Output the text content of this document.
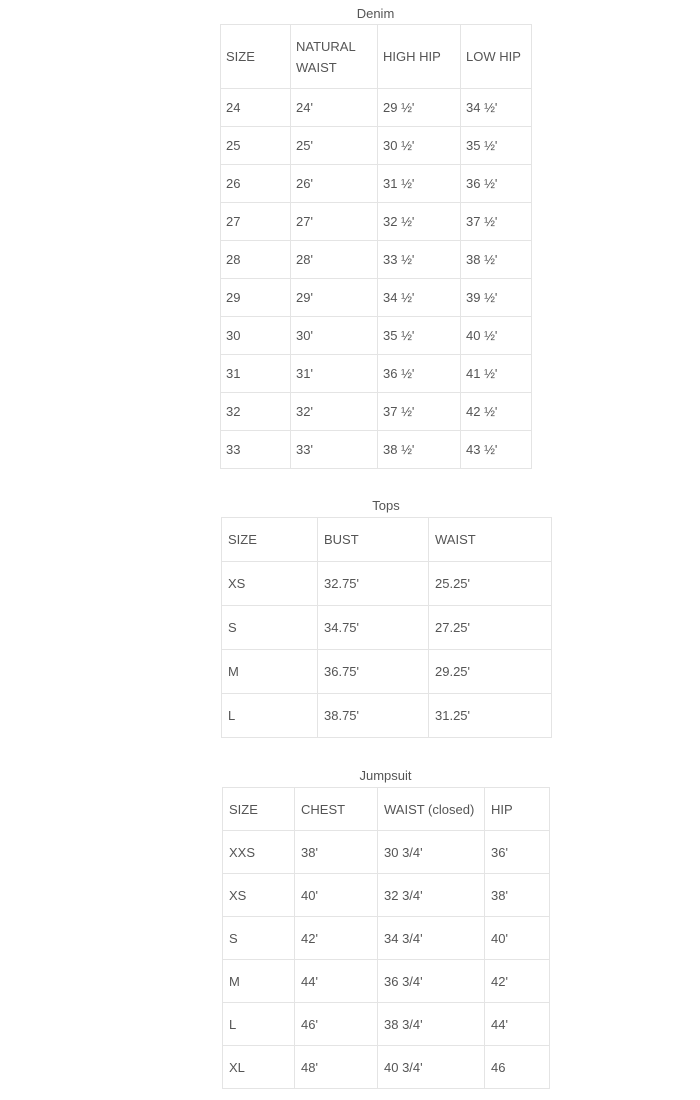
Denim
SIZE	NATURAL WAIST	HIGH HIP	LOW HIP
24	24'	29 ½'	34 ½'
25	25'	30 ½'	35 ½'
26	26'	31 ½'	36 ½'
27	27'	32 ½'	37 ½'
28	28'	33 ½'	38 ½'
29	29'	34 ½'	39 ½'
30	30'	35 ½'	40 ½'
31	31'	36 ½'	41 ½'
32	32'	37 ½'	42 ½'
33	33'	38 ½'	43 ½'
Tops
SIZE	BUST	WAIST
XS	32.75'	25.25'
S	34.75'	27.25'
M	36.75'	29.25'
L	38.75'	31.25'
Jumpsuit
SIZE	CHEST	WAIST (closed)	HIP
XXS	38'	30 3/4'	36'
XS	40'	32 3/4'	38'
S	42'	34 3/4'	40'
M	44'	36 3/4'	42'
L	46'	38 3/4'	44'
XL	48'	40 3/4'	46
